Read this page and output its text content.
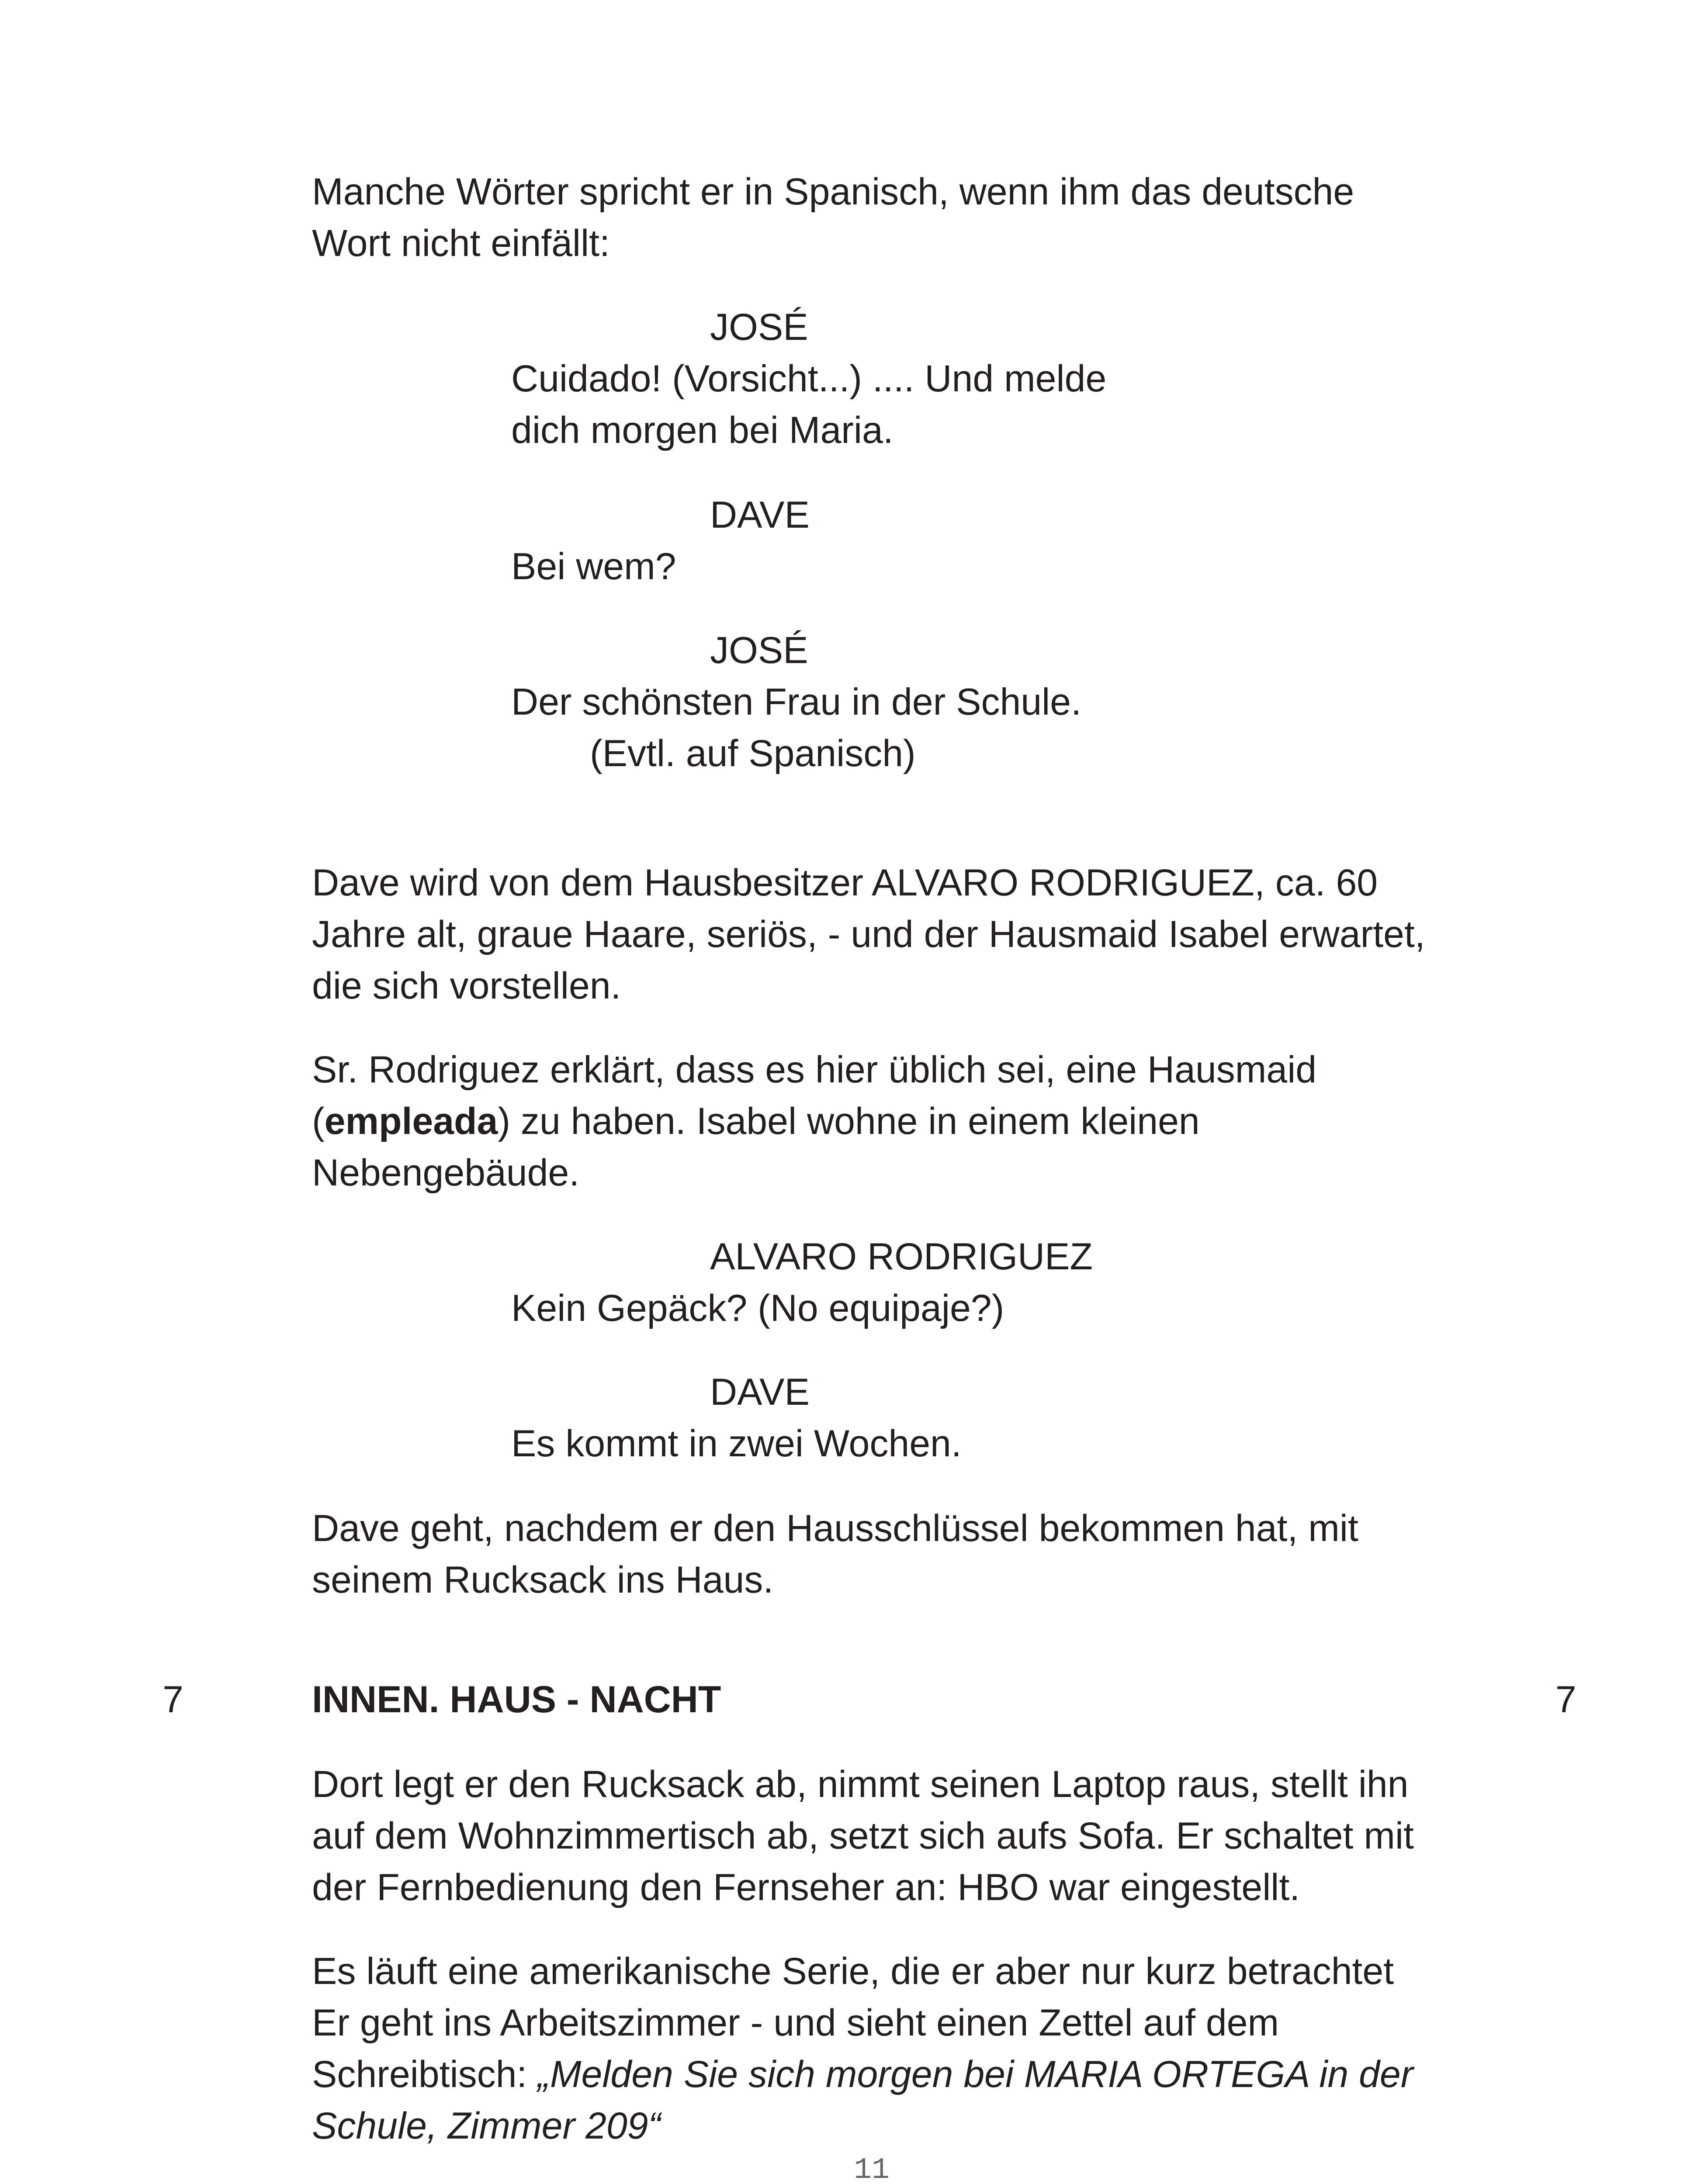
Manche Wörter spricht er in Spanisch, wenn ihm das deutsche
Wort nicht einfällt:
JOSÉ
Cuidado! (Vorsicht...) .... Und melde
dich morgen bei Maria.
DAVE
Bei wem?
JOSÉ
Der schönsten Frau in der Schule.
(Evtl. auf Spanisch)
Dave wird von dem Hausbesitzer ALVARO RODRIGUEZ, ca. 60
Jahre alt, graue Haare, seriös, - und der Hausmaid Isabel erwartet,
die sich vorstellen.
Sr. Rodriguez erklärt, dass es hier üblich sei, eine Hausmaid
(empleada) zu haben. Isabel wohne in einem kleinen
Nebengebäude.
ALVARO RODRIGUEZ
Kein Gepäck? (No equipaje?)
DAVE
Es kommt in zwei Wochen.
Dave geht, nachdem er den Hausschlüssel bekommen hat, mit
seinem Rucksack ins Haus.
7	INNEN. HAUS - NACHT	7
Dort legt er den Rucksack ab, nimmt seinen Laptop raus, stellt ihn
auf dem Wohnzimmertisch ab, setzt sich aufs Sofa. Er schaltet mit
der Fernbedienung den Fernseher an: HBO war eingestellt.
Es läuft eine amerikanische Serie, die er aber nur kurz betrachtet
Er geht ins Arbeitszimmer - und sieht einen Zettel auf dem
Schreibtisch: „Melden Sie sich morgen bei MARIA ORTEGA in der
Schule, Zimmer 209“
11
